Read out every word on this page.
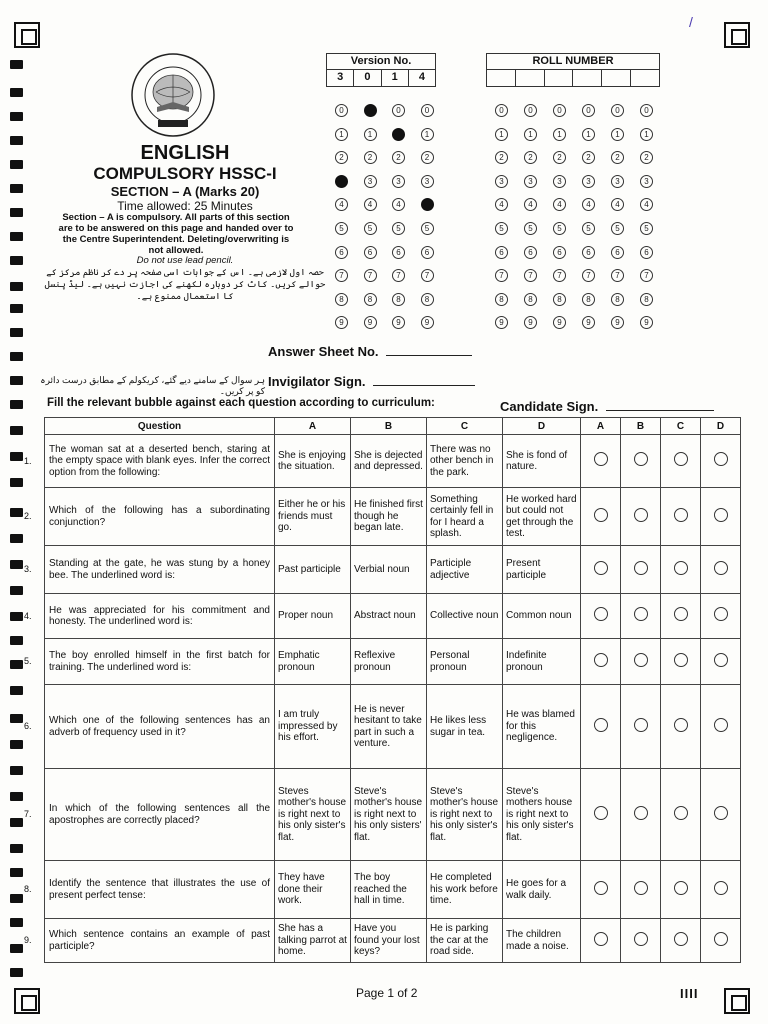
/
ENGLISH
COMPULSORY HSSC-I
SECTION – A (Marks 20)
Time allowed: 25 Minutes
Section – A is compulsory. All parts of this section are to be answered on this page and handed over to the Centre Superintendent. Deleting/overwriting is not allowed.
Do not use lead pencil.
حصہ اول لازمی ہے۔ اس کے جوابات اسی صفحہ پر دے کر ناظم مرکز کے حوالے کریں۔ کاٹ کر دوبارہ لکھنے کی اجازت نہیں ہے۔ لیڈ پنسل کا استعمال ممنوع ہے۔
Version No.
3	0	1	4
0
1
2
4
5
6
7
8
9
1
2
3
4
5
6
7
8
9
0
2
3
4
5
6
7
8
9
0
1
2
3
5
6
7
8
9
ROLL NUMBER
0
1
2
3
4
5
6
7
8
9
0
1
2
3
4
5
6
7
8
9
0
1
2
3
4
5
6
7
8
9
0
1
2
3
4
5
6
7
8
9
0
1
2
3
4
5
6
7
8
9
0
1
2
3
4
5
6
7
8
9
Answer Sheet No.
ہر سوال کے سامنے دیے گئے، کریکولم کے مطابق درست دائرہ کو پر کریں۔
Invigilator Sign.
Fill the relevant bubble against each question according to curriculum:	Candidate Sign.
Question	A	B	C	D	A	B	C	D
The woman sat at a deserted bench, staring at the empty space with blank eyes. Infer the correct option from the following:	She is enjoying the situation.	She is dejected and depressed.	There was no other bench in the park.	She is fond of nature.				
Which of the following has a subordinating conjunction?	Either he or his friends must go.	He finished first though he began late.	Something certainly fell in for I heard a splash.	He worked hard but could not get through the test.				
Standing at the gate, he was stung by a honey bee. The underlined word is:	Past participle	Verbial noun	Participle adjective	Present participle				
He was appreciated for his commitment and honesty. The underlined word is:	Proper noun	Abstract noun	Collective noun	Common noun				
The boy enrolled himself in the first batch for training. The underlined word is:	Emphatic pronoun	Reflexive pronoun	Personal pronoun	Indefinite pronoun				
Which one of the following sentences has an adverb of frequency used in it?	I am truly impressed by his effort.	He is never hesitant to take part in such a venture.	He likes less sugar in tea.	He was blamed for this negligence.				
In which of the following sentences all the apostrophes are correctly placed?	Steves mother's house is right next to his only sister's flat.	Steve's mother's house is right next to his only sisters' flat.	Steve's mother's house is right next to his only sister's flat.	Steve's mothers house is right next to his only sister's flat.				
Identify the sentence that illustrates the use of present perfect tense:	They have done their work.	The boy reached the hall in time.	He completed his work before time.	He goes for a walk daily.				
Which sentence contains an example of past participle?	She has a talking parrot at home.	Have you found your lost keys?	He is parking the car at the road side.	The children made a noise.				
1.
2.
3.
4.
5.
6.
7.
8.
9.
Page 1 of 2	IIII
